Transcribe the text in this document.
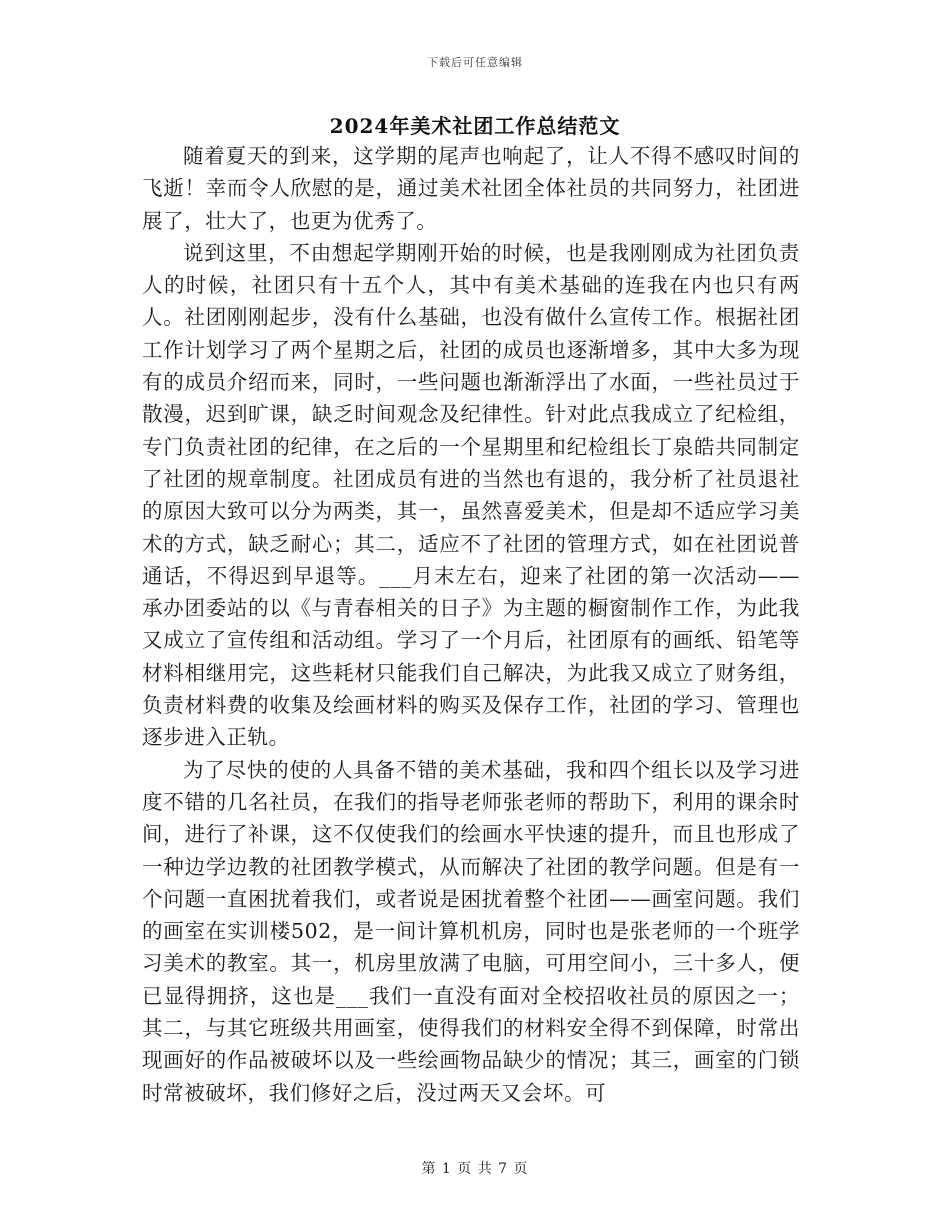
下载后可任意编辑
2024年美术社团工作总结范文

随着夏天的到来，这学期的尾声也响起了，让人不得不感叹时间的飞逝！幸而令人欣慰的是，通过美术社团全体社员的共同努力，社团进展了，壮大了，也更为优秀了。

说到这里，不由想起学期刚开始的时候，也是我刚刚成为社团负责人的时候，社团只有十五个人，其中有美术基础的连我在内也只有两人。社团刚刚起步，没有什么基础，也没有做什么宣传工作。根据社团工作计划学习了两个星期之后，社团的成员也逐渐增多，其中大多为现有的成员介绍而来，同时，一些问题也渐渐浮出了水面，一些社员过于散漫，迟到旷课，缺乏时间观念及纪律性。针对此点我成立了纪检组，专门负责社团的纪律，在之后的一个星期里和纪检组长丁泉皓共同制定了社团的规章制度。社团成员有进的当然也有退的，我分析了社员退社的原因大致可以分为两类，其一，虽然喜爱美术，但是却不适应学习美术的方式，缺乏耐心；其二，适应不了社团的管理方式，如在社团说普通话，不得迟到早退等。___月末左右，迎来了社团的第一次活动——承办团委站的以《与青春相关的日子》为主题的橱窗制作工作，为此我又成立了宣传组和活动组。学习了一个月后，社团原有的画纸、铅笔等材料相继用完，这些耗材只能我们自己解决，为此我又成立了财务组，负责材料费的收集及绘画材料的购买及保存工作，社团的学习、管理也逐步进入正轨。

为了尽快的使的人具备不错的美术基础，我和四个组长以及学习进度不错的几名社员，在我们的指导老师张老师的帮助下，利用的课余时间，进行了补课，这不仅使我们的绘画水平快速的提升，而且也形成了一种边学边教的社团教学模式，从而解决了社团的教学问题。但是有一个问题一直困扰着我们，或者说是困扰着整个社团——画室问题。我们的画室在实训楼502，是一间计算机机房，同时也是张老师的一个班学习美术的教室。其一，机房里放满了电脑，可用空间小，三十多人，便已显得拥挤，这也是___我们一直没有面对全校招收社员的原因之一；其二，与其它班级共用画室，使得我们的材料安全得不到保障，时常出现画好的作品被破坏以及一些绘画物品缺少的情况；其三，画室的门锁时常被破坏，我们修好之后，没过两天又会坏。可

第 1 页 共 7 页
